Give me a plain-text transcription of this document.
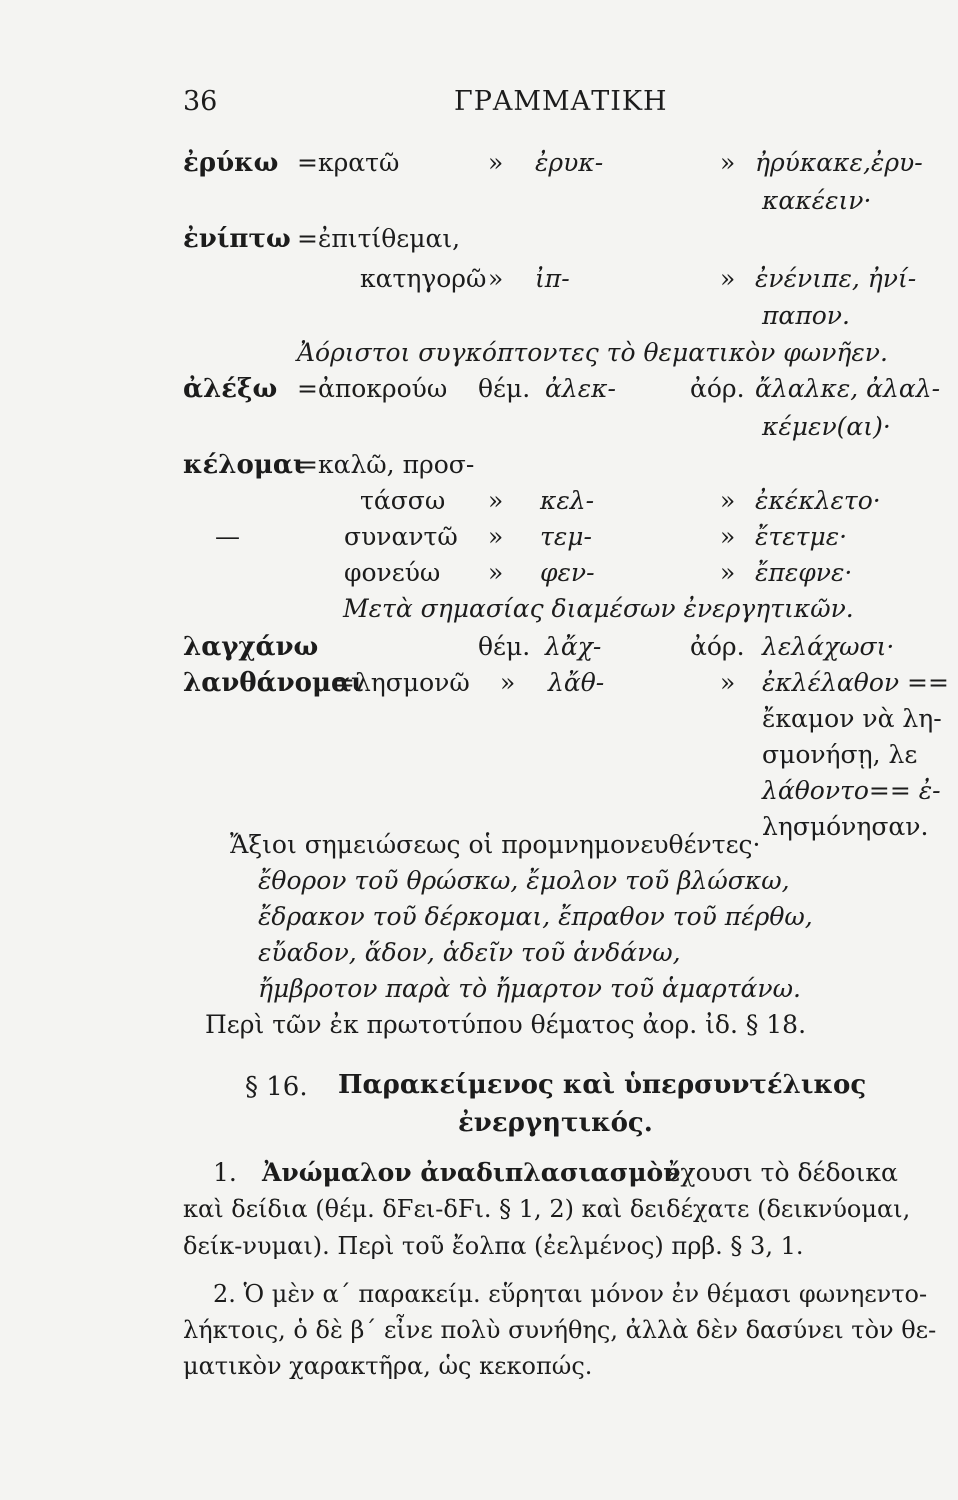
36	ΓΡΑΜΜΑΤΙΚΗ
ἐρύκω =κρατῶ	» ἐρυκ-	» ἠρύκακε,ἐρυ-
κακέειν·
ἐνίπτω =ἐπιτίθεμαι,
κατηγορῶ » ἰπ-	» ἐνένιπε, ἠνί-
παπον.
Ἀόριστοι συγκόπτοντες τὸ θεματικὸν φωνῆεν.
ἀλέξω =ἀποκρούω θέμ. ἀλεκ-	ἀόρ. ἄλαλκε, ἀλαλ-
κέμεν(αι)·
κέλομαι
=καλῶ, προσ-
τάσσω » κελ-	» ἐκέκλετο·
—	συναντῶ » τεμ-	» ἔτετμε·
φονεύω » φεν-	» ἔπεφνε·
Μετὰ σημασίας διαμέσων ἐνεργητικῶν.
λαγχάνω	θέμ. λἄχ-	ἀόρ. λελάχωσι·
λανθάνομαι
=λησμονῶ » λἄθ-	» ἐκλέλαθον ==
ἔκαμον νὰ λη-
σμονήσῃ, λε
λάθοντο== ἐ-
λησμόνησαν.
Ἄξιοι σημειώσεως οἱ προμνημονευθέντες·
ἔθορον τοῦ θρώσκω, ἔμολον τοῦ βλώσκω,
ἔδρακον τοῦ δέρκομαι, ἔπραθον τοῦ πέρθω,
εὔαδον, ἅδον, ἁδεῖν τοῦ ἁνδάνω,
ἤμβροτον παρὰ τὸ ἤμαρτον τοῦ ἁμαρτάνω.
Περὶ τῶν ἐκ πρωτοτύπου θέματος ἀορ. ἰδ. § 18.
§ 16. Παρακείμενος καὶ ὑπερσυντέλικος
ἐνεργητικός.
1. Ἀνώμαλον ἀναδιπλασιασμὸν
ἔχουσι τὸ δέδοικα
καὶ δείδια (θέμ. δϜει-δϜι. § 1, 2) καὶ δειδέχατε (δεικνύομαι,
δείκ-νυμαι). Περὶ τοῦ ἔολπα (ἐελμένος) πρβ. § 3, 1.
2. Ὁ μὲν α΄ παρακείμ. εὕρηται μόνον ἐν θέμασι φωνηεντο-
λήκτοις, ὁ δὲ β΄ εἶνε πολὺ συνήθης, ἀλλὰ δὲν δασύνει τὸν θε-
ματικὸν χαρακτῆρα, ὡς κεκοπώς.
